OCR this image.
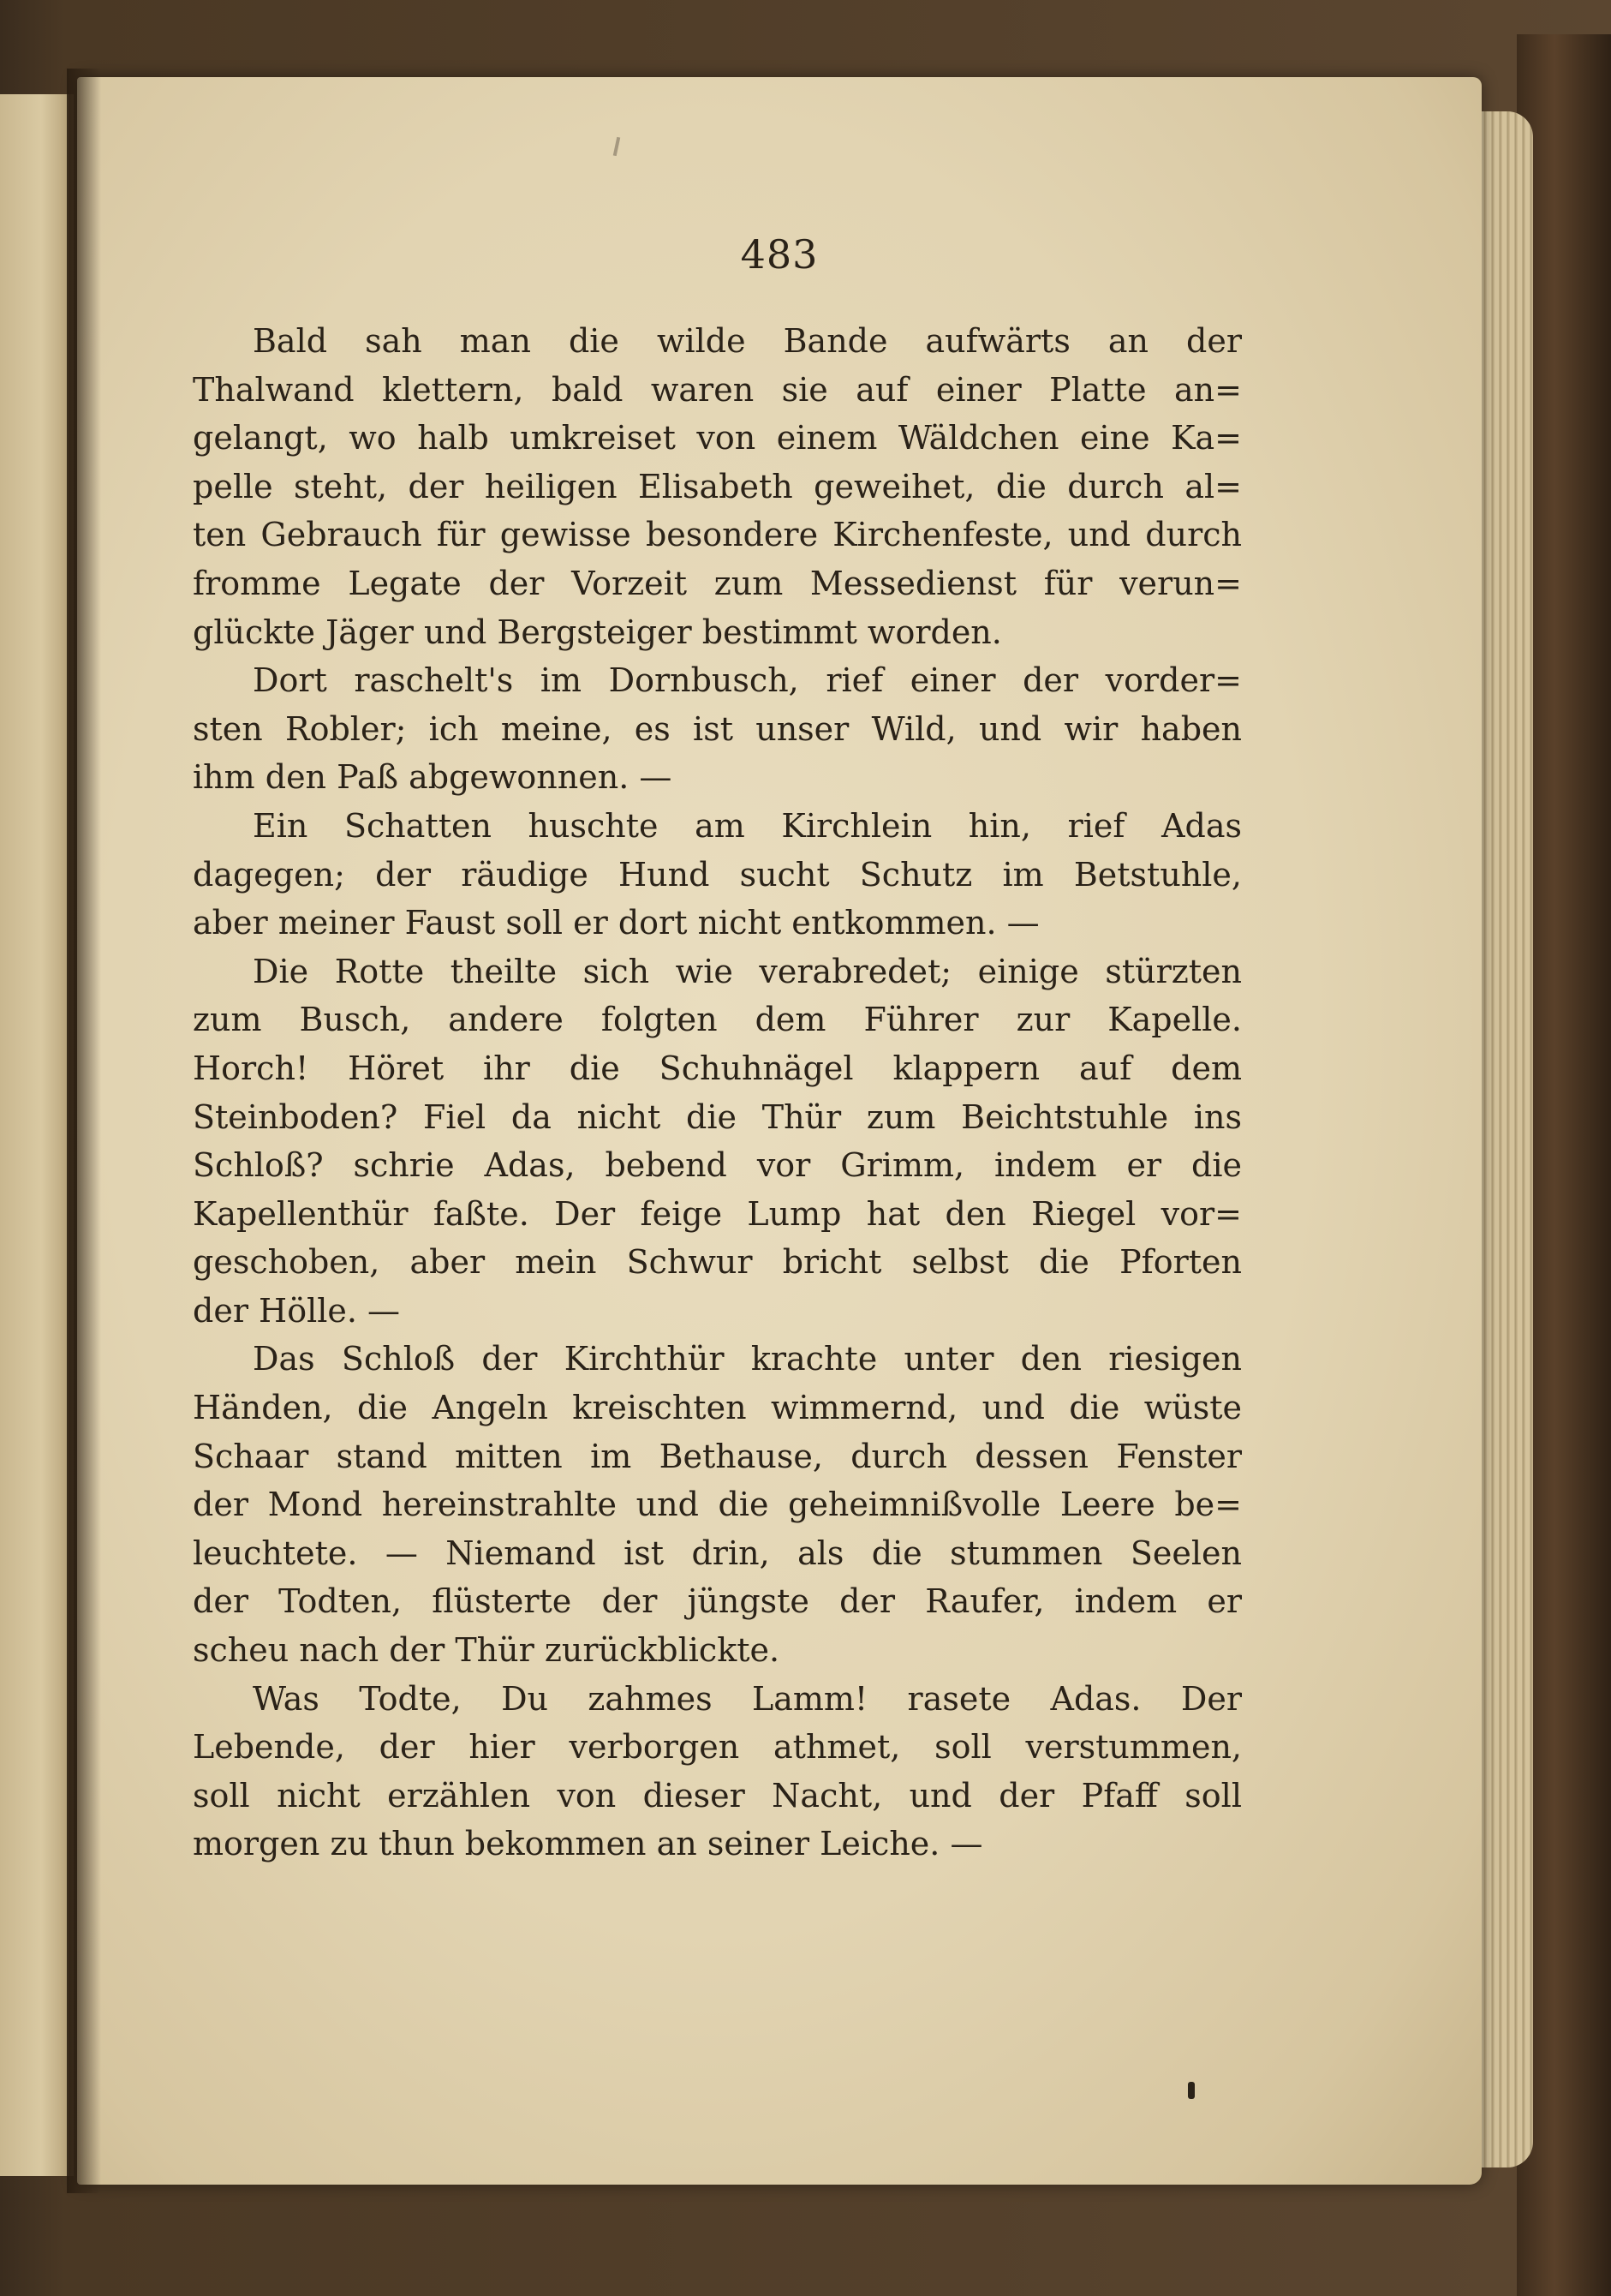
483
Bald sah man die wilde Bande aufwärts an der
Thalwand klettern, bald waren sie auf einer Platte an=
gelangt, wo halb umkreiset von einem Wäldchen eine Ka=
pelle steht, der heiligen Elisabeth geweihet, die durch al=
ten Gebrauch für gewisse besondere Kirchenfeste, und durch
fromme Legate der Vorzeit zum Messedienst für verun=
glückte Jäger und Bergsteiger bestimmt worden.
Dort raschelt's im Dornbusch, rief einer der vorder=
sten Robler; ich meine, es ist unser Wild, und wir haben
ihm den Paß abgewonnen. —
Ein Schatten huschte am Kirchlein hin, rief Adas
dagegen; der räudige Hund sucht Schutz im Betstuhle,
aber meiner Faust soll er dort nicht entkommen. —
Die Rotte theilte sich wie verabredet; einige stürzten
zum Busch, andere folgten dem Führer zur Kapelle.
Horch! Höret ihr die Schuhnägel klappern auf dem
Steinboden? Fiel da nicht die Thür zum Beichtstuhle ins
Schloß? schrie Adas, bebend vor Grimm, indem er die
Kapellenthür faßte. Der feige Lump hat den Riegel vor=
geschoben, aber mein Schwur bricht selbst die Pforten
der Hölle. —
Das Schloß der Kirchthür krachte unter den riesigen
Händen, die Angeln kreischten wimmernd, und die wüste
Schaar stand mitten im Bethause, durch dessen Fenster
der Mond hereinstrahlte und die geheimnißvolle Leere be=
leuchtete. — Niemand ist drin, als die stummen Seelen
der Todten, flüsterte der jüngste der Raufer, indem er
scheu nach der Thür zurückblickte.
Was Todte, Du zahmes Lamm! rasete Adas. Der
Lebende, der hier verborgen athmet, soll verstummen,
soll nicht erzählen von dieser Nacht, und der Pfaff soll
morgen zu thun bekommen an seiner Leiche. —
